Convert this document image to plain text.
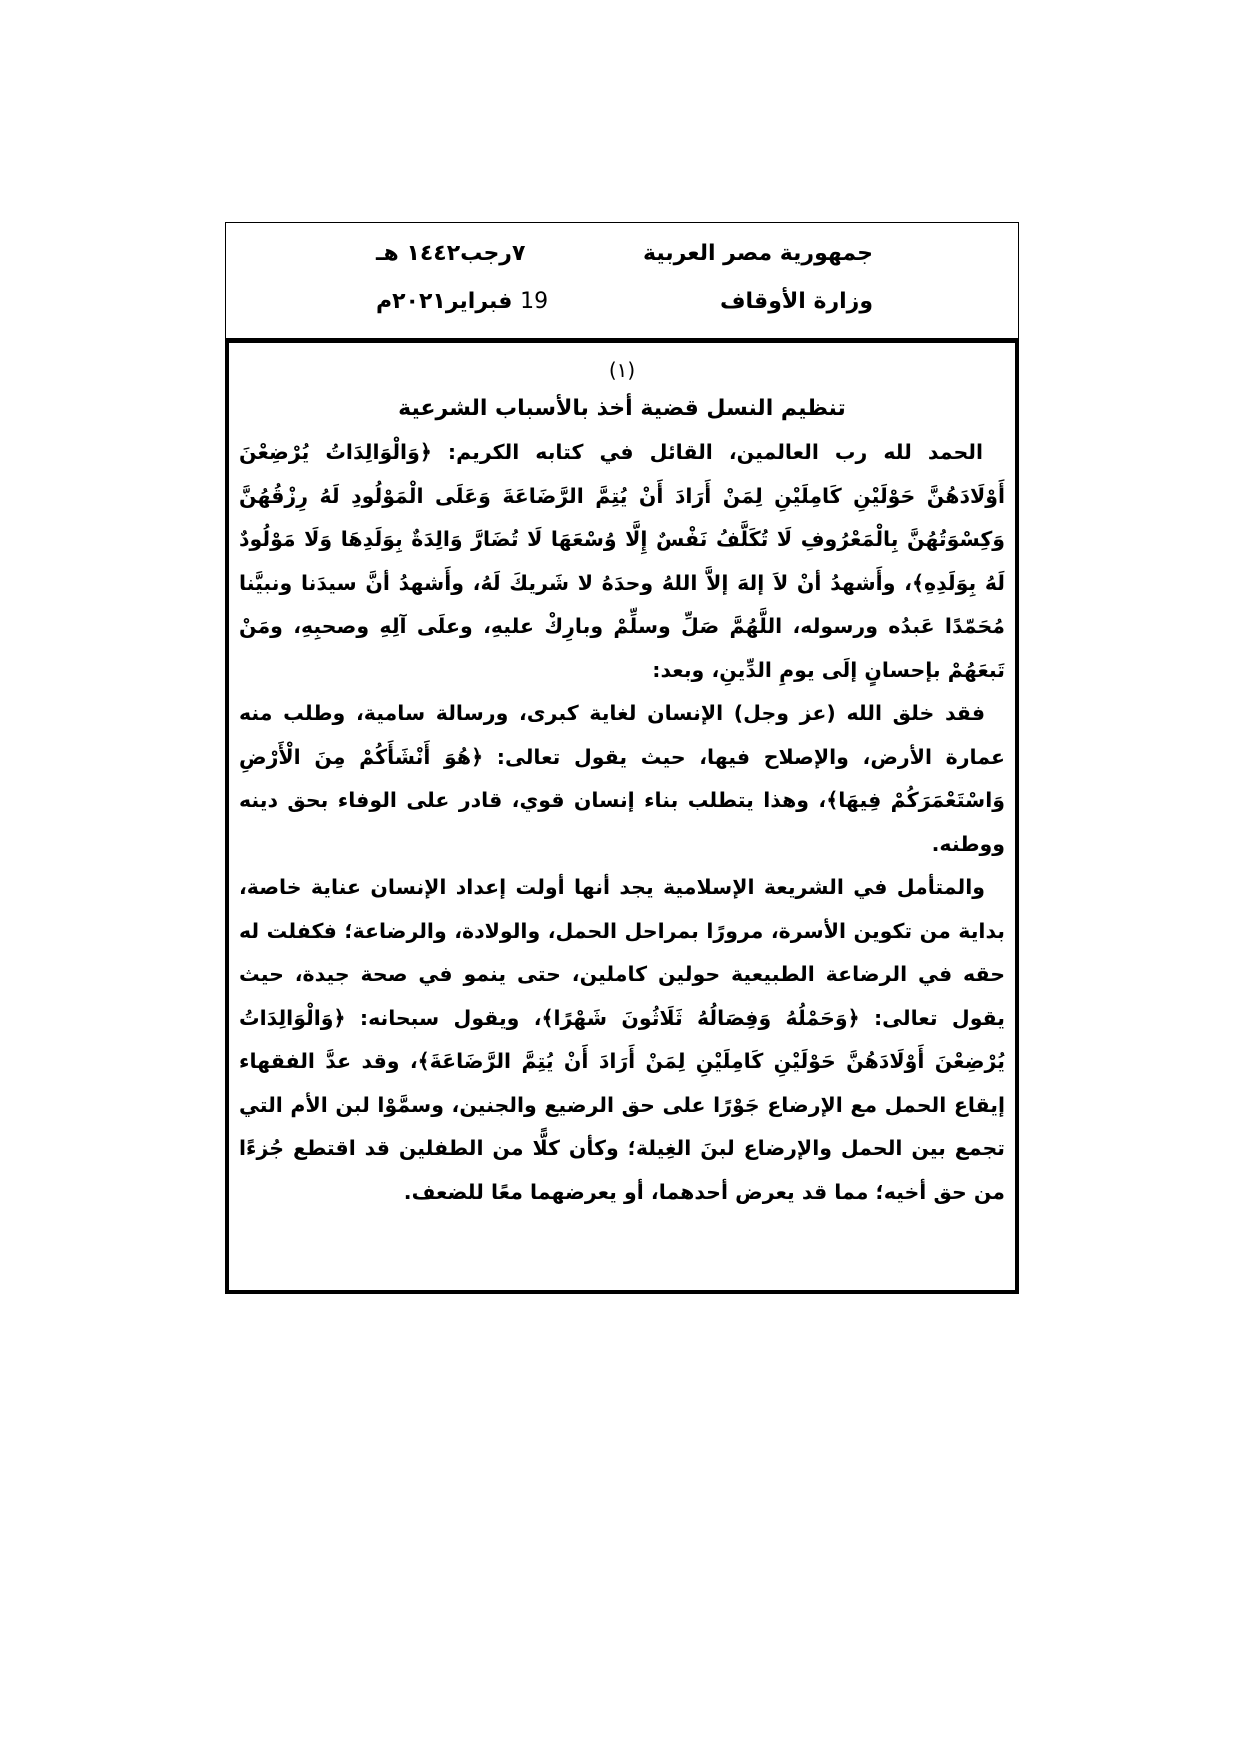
جمهورية مصر العربية
٧رجب١٤٤٢ هـ
وزارة الأوقاف
19 فبراير٢٠٢١م
(١)
تنظيم النسل قضية أخذ بالأسباب الشرعية

الحمد لله رب العالمين، القائل في كتابه الكريم: ﴿وَالْوَالِدَاتُ يُرْضِعْنَ أَوْلَادَهُنَّ حَوْلَيْنِ كَامِلَيْنِ لِمَنْ أَرَادَ أَنْ يُتِمَّ الرَّضَاعَةَ وَعَلَى الْمَوْلُودِ لَهُ رِزْقُهُنَّ وَكِسْوَتُهُنَّ بِالْمَعْرُوفِ لَا تُكَلَّفُ نَفْسٌ إِلَّا وُسْعَهَا لَا تُضَارَّ وَالِدَةٌ بِوَلَدِهَا وَلَا مَوْلُودٌ لَهُ بِوَلَدِهِ﴾، وأَشهدُ أنْ لاَ إلهَ إلاَّ اللهُ وحدَهُ لا شَريكَ لَهُ، وأَشهدُ أنَّ سيدَنا ونبيَّنا مُحَمّدًا عَبدُه ورسوله، اللَّهُمَّ صَلِّ وسلِّمْ وبارِكْ عليهِ، وعلَى آلِهِ وصحبِهِ، ومَنْ تَبعَهُمْ بإحسانٍ إلَى يومِ الدِّينِ، وبعد:

فقد خلق الله (عز وجل) الإنسان لغاية كبرى، ورسالة سامية، وطلب منه عمارة الأرض، والإصلاح فيها، حيث يقول تعالى: ﴿هُوَ أَنْشَأَكُمْ مِنَ الْأَرْضِ وَاسْتَعْمَرَكُمْ فِيهَا﴾، وهذا يتطلب بناء إنسان قوي، قادر على الوفاء بحق دينه ووطنه.

والمتأمل في الشريعة الإسلامية يجد أنها أولت إعداد الإنسان عناية خاصة، بداية من تكوين الأسرة، مرورًا بمراحل الحمل، والولادة، والرضاعة؛ فكفلت له حقه في الرضاعة الطبيعية حولين كاملين، حتى ينمو في صحة جيدة، حيث يقول تعالى: ﴿وَحَمْلُهُ وَفِصَالُهُ ثَلَاثُونَ شَهْرًا﴾، ويقول سبحانه: ﴿وَالْوَالِدَاتُ يُرْضِعْنَ أَوْلَادَهُنَّ حَوْلَيْنِ كَامِلَيْنِ لِمَنْ أَرَادَ أَنْ يُتِمَّ الرَّضَاعَةَ﴾، وقد عدَّ الفقهاء إيقاع الحمل مع الإرضاع جَوْرًا على حق الرضيع والجنين، وسمَّوْا لبن الأم التي تجمع بين الحمل والإرضاع لبنَ الغِيلة؛ وكأن كلًّا من الطفلين قد اقتطع جُزءًا من حق أخيه؛ مما قد يعرض أحدهما، أو يعرضهما معًا للضعف.
